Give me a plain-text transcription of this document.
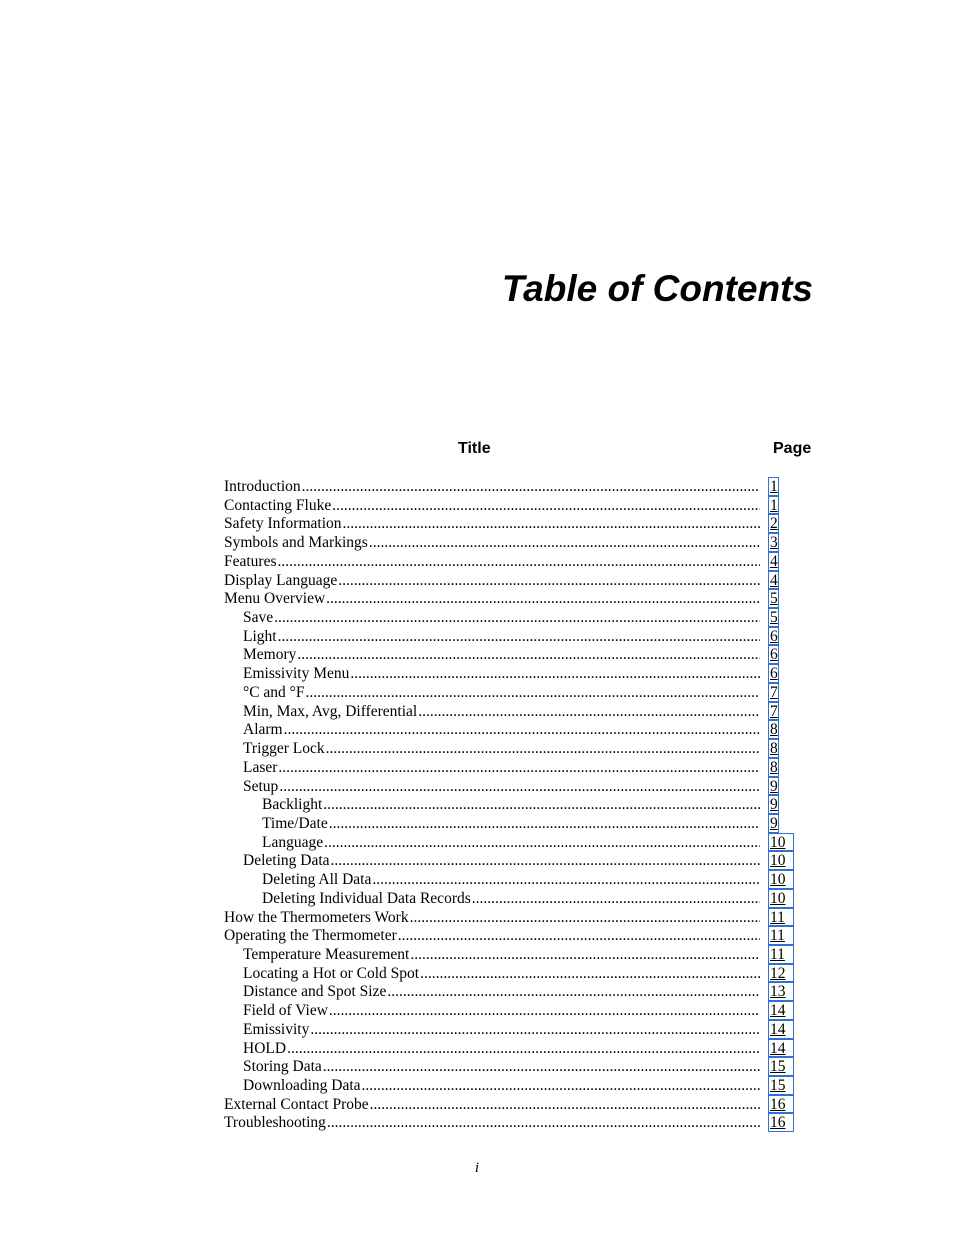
Table of Contents
Title	Page
Introduction .....	1
Contacting Fluke .....	1
Safety Information .....	2
Symbols and Markings .....	3
Features .....	4
Display Language .....	4
Menu Overview .....	5
Save .....	5
Light .....	6
Memory .....	6
Emissivity Menu .....	6
°C and °F .....	7
Min, Max, Avg, Differential .....	7
Alarm .....	8
Trigger Lock .....	8
Laser .....	8
Setup .....	9
Backlight .....	9
Time/Date .....	9
Language .....	10
Deleting Data .....	10
Deleting All Data .....	10
Deleting Individual Data Records .....	10
How the Thermometers Work .....	11
Operating the Thermometer .....	11
Temperature Measurement .....	11
Locating a Hot or Cold Spot .....	12
Distance and Spot Size .....	13
Field of View .....	14
Emissivity .....	14
HOLD .....	14
Storing Data .....	15
Downloading Data .....	15
External Contact Probe .....	16
Troubleshooting .....	16
i
